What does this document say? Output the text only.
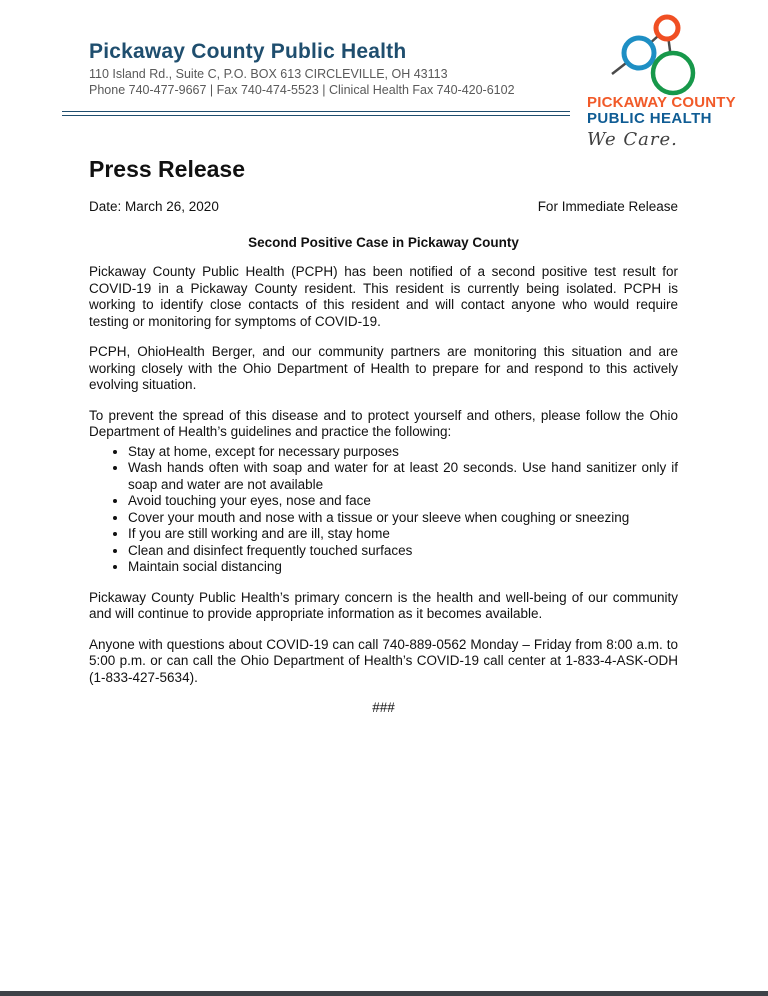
Pickaway County Public Health
110 Island Rd., Suite C, P.O. BOX 613 CIRCLEVILLE, OH 43113
Phone 740-477-9667 | Fax 740-474-5523 | Clinical Health Fax 740-420-6102
PICKAWAY COUNTY
PUBLIC HEALTH
We Care.
Press Release
Date: March 26, 2020	For Immediate Release
Second Positive Case in Pickaway County

Pickaway County Public Health (PCPH) has been notified of a second positive test result for COVID-19 in a Pickaway County resident. This resident is currently being isolated. PCPH is working to identify close contacts of this resident and will contact anyone who would require testing or monitoring for symptoms of COVID-19.

PCPH, OhioHealth Berger, and our community partners are monitoring this situation and are working closely with the Ohio Department of Health to prepare for and respond to this actively evolving situation.

To prevent the spread of this disease and to protect yourself and others, please follow the Ohio Department of Health’s guidelines and practice the following:

• Stay at home, except for necessary purposes
• Wash hands often with soap and water for at least 20 seconds. Use hand sanitizer only if soap and water are not available
• Avoid touching your eyes, nose and face
• Cover your mouth and nose with a tissue or your sleeve when coughing or sneezing
• If you are still working and are ill, stay home
• Clean and disinfect frequently touched surfaces
• Maintain social distancing

Pickaway County Public Health’s primary concern is the health and well-being of our community and will continue to provide appropriate information as it becomes available.

Anyone with questions about COVID-19 can call 740-889-0562 Monday – Friday from 8:00 a.m. to 5:00 p.m. or can call the Ohio Department of Health’s COVID-19 call center at 1-833-4-ASK-ODH (1-833-427-5634).

###
